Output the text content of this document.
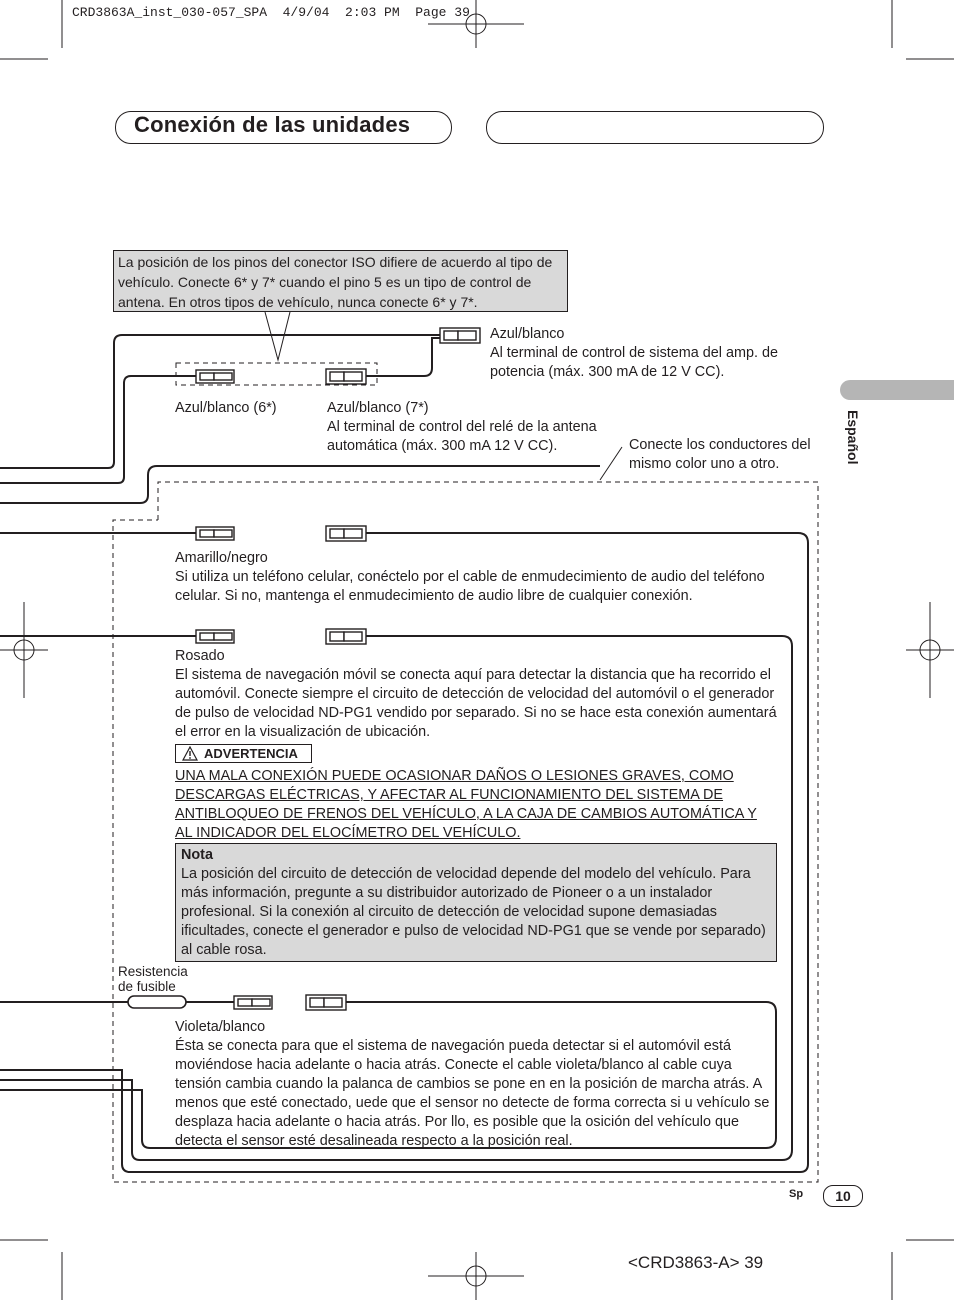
CRD3863A_inst_030-057_SPA  4/9/04  2:03 PM  Page 39
Conexión de las unidades
Español
La posición de los pinos del conector ISO difiere de acuerdo al tipo de vehículo. Conecte 6* y 7* cuando el pino 5 es un tipo de control de antena. En otros tipos de vehículo, nunca conecte 6* y 7*.
Azul/blanco
Al terminal de control de sistema del amp. de potencia (máx. 300 mA de 12 V CC).
Azul/blanco (6*)	Azul/blanco (7*)
Al terminal de control del relé de la antena automática (máx. 300 mA 12 V CC).	Conecte los conductores del mismo color uno a otro.
Amarillo/negro
Si utiliza un teléfono celular, conéctelo por el cable de enmudecimiento de audio del teléfono celular. Si no, mantenga el enmudecimiento de audio libre de cualquier conexión.
Rosado
El sistema de navegación móvil se conecta aquí para detectar la distancia que ha recorrido el automóvil. Conecte siempre el circuito de detección de velocidad del automóvil o el generador de pulso de velocidad ND-PG1 vendido por separado. Si no se hace esta conexión aumentará el error en la visualización de ubicación.
ADVERTENCIA
UNA MALA CONEXIÓN PUEDE OCASIONAR DAÑOS O LESIONES GRAVES, COMO DESCARGAS ELÉCTRICAS, Y AFECTAR AL FUNCIONAMIENTO DEL SISTEMA DE ANTIBLOQUEO DE FRENOS DEL VEHÍCULO, A LA CAJA DE CAMBIOS AUTOMÁTICA Y AL INDICADOR DEL ELOCÍMETRO DEL VEHÍCULO.
Nota
La posición del circuito de detección de velocidad depende del modelo del vehículo. Para más información, pregunte a su distribuidor autorizado de Pioneer o a un instalador profesional. Si la conexión al circuito de detección de velocidad supone demasiadas ificultades, conecte el generador e pulso de velocidad ND-PG1 que se vende por separado) al cable rosa.
Resistencia
de fusible
Violeta/blanco
Ésta se conecta para que el sistema de navegación pueda detectar si el automóvil está moviéndose hacia adelante o hacia atrás. Conecte el cable violeta/blanco al cable cuya tensión cambia cuando la palanca de cambios se pone en en la posición de marcha atrás. A menos que esté conectado, uede que el sensor no detecte de forma correcta si u vehículo se desplaza hacia adelante o hacia atrás. Por llo, es posible que la osición del vehículo que detecta el sensor esté desalineada respecto a la posición real.
Sp	10
<CRD3863-A> 39
